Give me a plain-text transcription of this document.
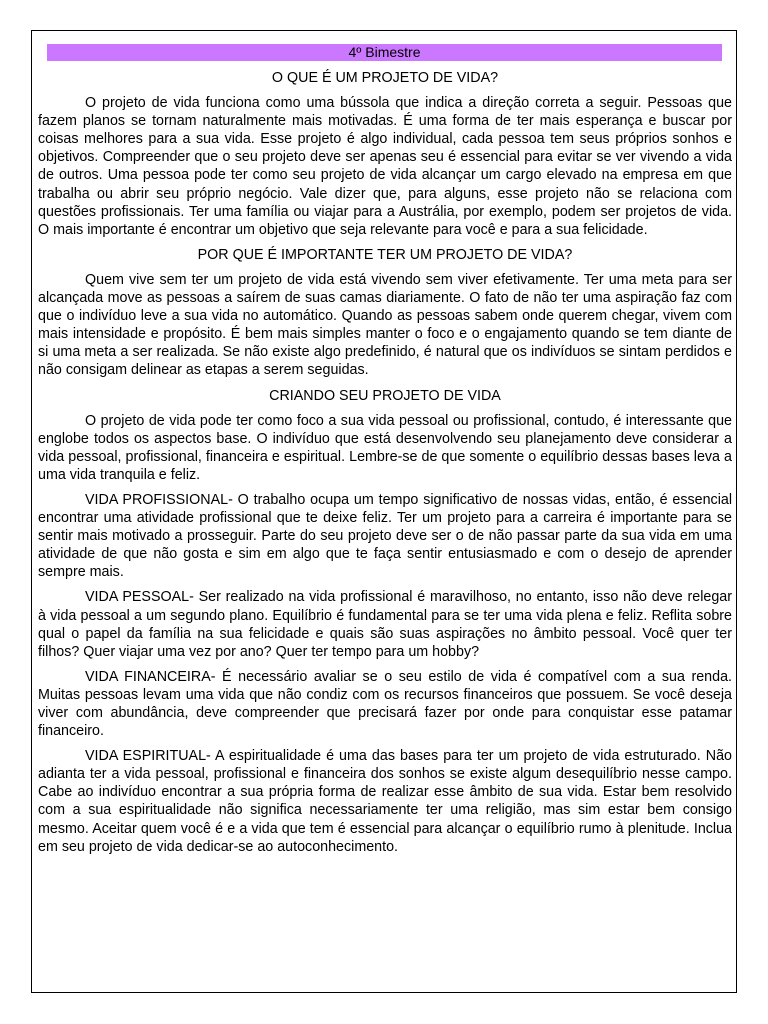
4º Bimestre
O QUE É UM PROJETO DE VIDA?

O projeto de vida funciona como uma bússola que indica a direção correta a seguir. Pessoas que fazem planos se tornam naturalmente mais motivadas. É uma forma de ter mais esperança e buscar por coisas melhores para a sua vida. Esse projeto é algo individual, cada pessoa tem seus próprios sonhos e objetivos. Compreender que o seu projeto deve ser apenas seu é essencial para evitar se ver vivendo a vida de outros. Uma pessoa pode ter como seu projeto de vida alcançar um cargo elevado na empresa em que trabalha ou abrir seu próprio negócio. Vale dizer que, para alguns, esse projeto não se relaciona com questões profissionais. Ter uma família ou viajar para a Austrália, por exemplo, podem ser projetos de vida. O mais importante é encontrar um objetivo que seja relevante para você e para a sua felicidade.

POR QUE É IMPORTANTE TER UM PROJETO DE VIDA?

Quem vive sem ter um projeto de vida está vivendo sem viver efetivamente. Ter uma meta para ser alcançada move as pessoas a saírem de suas camas diariamente. O fato de não ter uma aspiração faz com que o indivíduo leve a sua vida no automático. Quando as pessoas sabem onde querem chegar, vivem com mais intensidade e propósito. É bem mais simples manter o foco e o engajamento quando se tem diante de si uma meta a ser realizada. Se não existe algo predefinido, é natural que os indivíduos se sintam perdidos e não consigam delinear as etapas a serem seguidas.

CRIANDO SEU PROJETO DE VIDA

O projeto de vida pode ter como foco a sua vida pessoal ou profissional, contudo, é interessante que englobe todos os aspectos base. O indivíduo que está desenvolvendo seu planejamento deve considerar a vida pessoal, profissional, financeira e espiritual. Lembre-se de que somente o equilíbrio dessas bases leva a uma vida tranquila e feliz.

VIDA PROFISSIONAL- O trabalho ocupa um tempo significativo de nossas vidas, então, é essencial encontrar uma atividade profissional que te deixe feliz. Ter um projeto para a carreira é importante para se sentir mais motivado a prosseguir. Parte do seu projeto deve ser o de não passar parte da sua vida em uma atividade de que não gosta e sim em algo que te faça sentir entusiasmado e com o desejo de aprender sempre mais.

VIDA PESSOAL- Ser realizado na vida profissional é maravilhoso, no entanto, isso não deve relegar à vida pessoal a um segundo plano. Equilíbrio é fundamental para se ter uma vida plena e feliz. Reflita sobre qual o papel da família na sua felicidade e quais são suas aspirações no âmbito pessoal. Você quer ter filhos? Quer viajar uma vez por ano? Quer ter tempo para um hobby?

VIDA FINANCEIRA- É necessário avaliar se o seu estilo de vida é compatível com a sua renda. Muitas pessoas levam uma vida que não condiz com os recursos financeiros que possuem. Se você deseja viver com abundância, deve compreender que precisará fazer por onde para conquistar esse patamar financeiro.

VIDA ESPIRITUAL- A espiritualidade é uma das bases para ter um projeto de vida estruturado. Não adianta ter a vida pessoal, profissional e financeira dos sonhos se existe algum desequilíbrio nesse campo. Cabe ao indivíduo encontrar a sua própria forma de realizar esse âmbito de sua vida. Estar bem resolvido com a sua espiritualidade não significa necessariamente ter uma religião, mas sim estar bem consigo mesmo. Aceitar quem você é e a vida que tem é essencial para alcançar o equilíbrio rumo à plenitude. Inclua em seu projeto de vida dedicar-se ao autoconhecimento.
